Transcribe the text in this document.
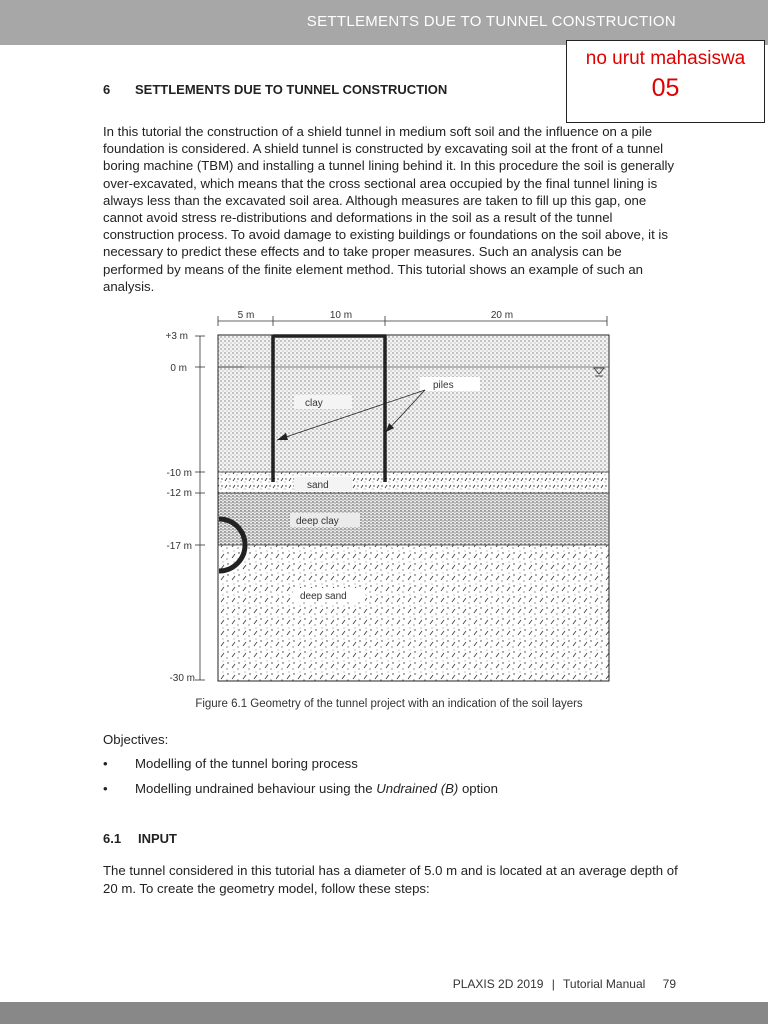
SETTLEMENTS DUE TO TUNNEL CONSTRUCTION
no urut mahasiswa
05
6 SETTLEMENTS DUE TO TUNNEL CONSTRUCTION

In this tutorial the construction of a shield tunnel in medium soft soil and the influence on a pile foundation is considered. A shield tunnel is constructed by excavating soil at the front of a tunnel boring machine (TBM) and installing a tunnel lining behind it. In this procedure the soil is generally over-excavated, which means that the cross sectional area occupied by the final tunnel lining is always less than the excavated soil area. Although measures are taken to fill up this gap, one cannot avoid stress re-distributions and deformations in the soil as a result of the tunnel construction process. To avoid damage to existing buildings or foundations on the soil above, it is necessary to predict these effects and to take proper measures. Such an analysis can be performed by means of the finite element method. This tutorial shows an example of such an analysis.

5 m	10 m	20 m
+3 m
0 m
-10 m
-12 m
-17 m
-30 m
clay
sand
deep clay
deep sand
piles
Figure 6.1 Geometry of the tunnel project with an indication of the soil layers
Objectives:
• Modelling of the tunnel boring process
• Modelling undrained behaviour using the Undrained (B) option
6.1 INPUT

The tunnel considered in this tutorial has a diameter of 5.0 m and is located at an average depth of 20 m. To create the geometry model, follow these steps:

PLAXIS 2D 2019 | Tutorial Manual 79
